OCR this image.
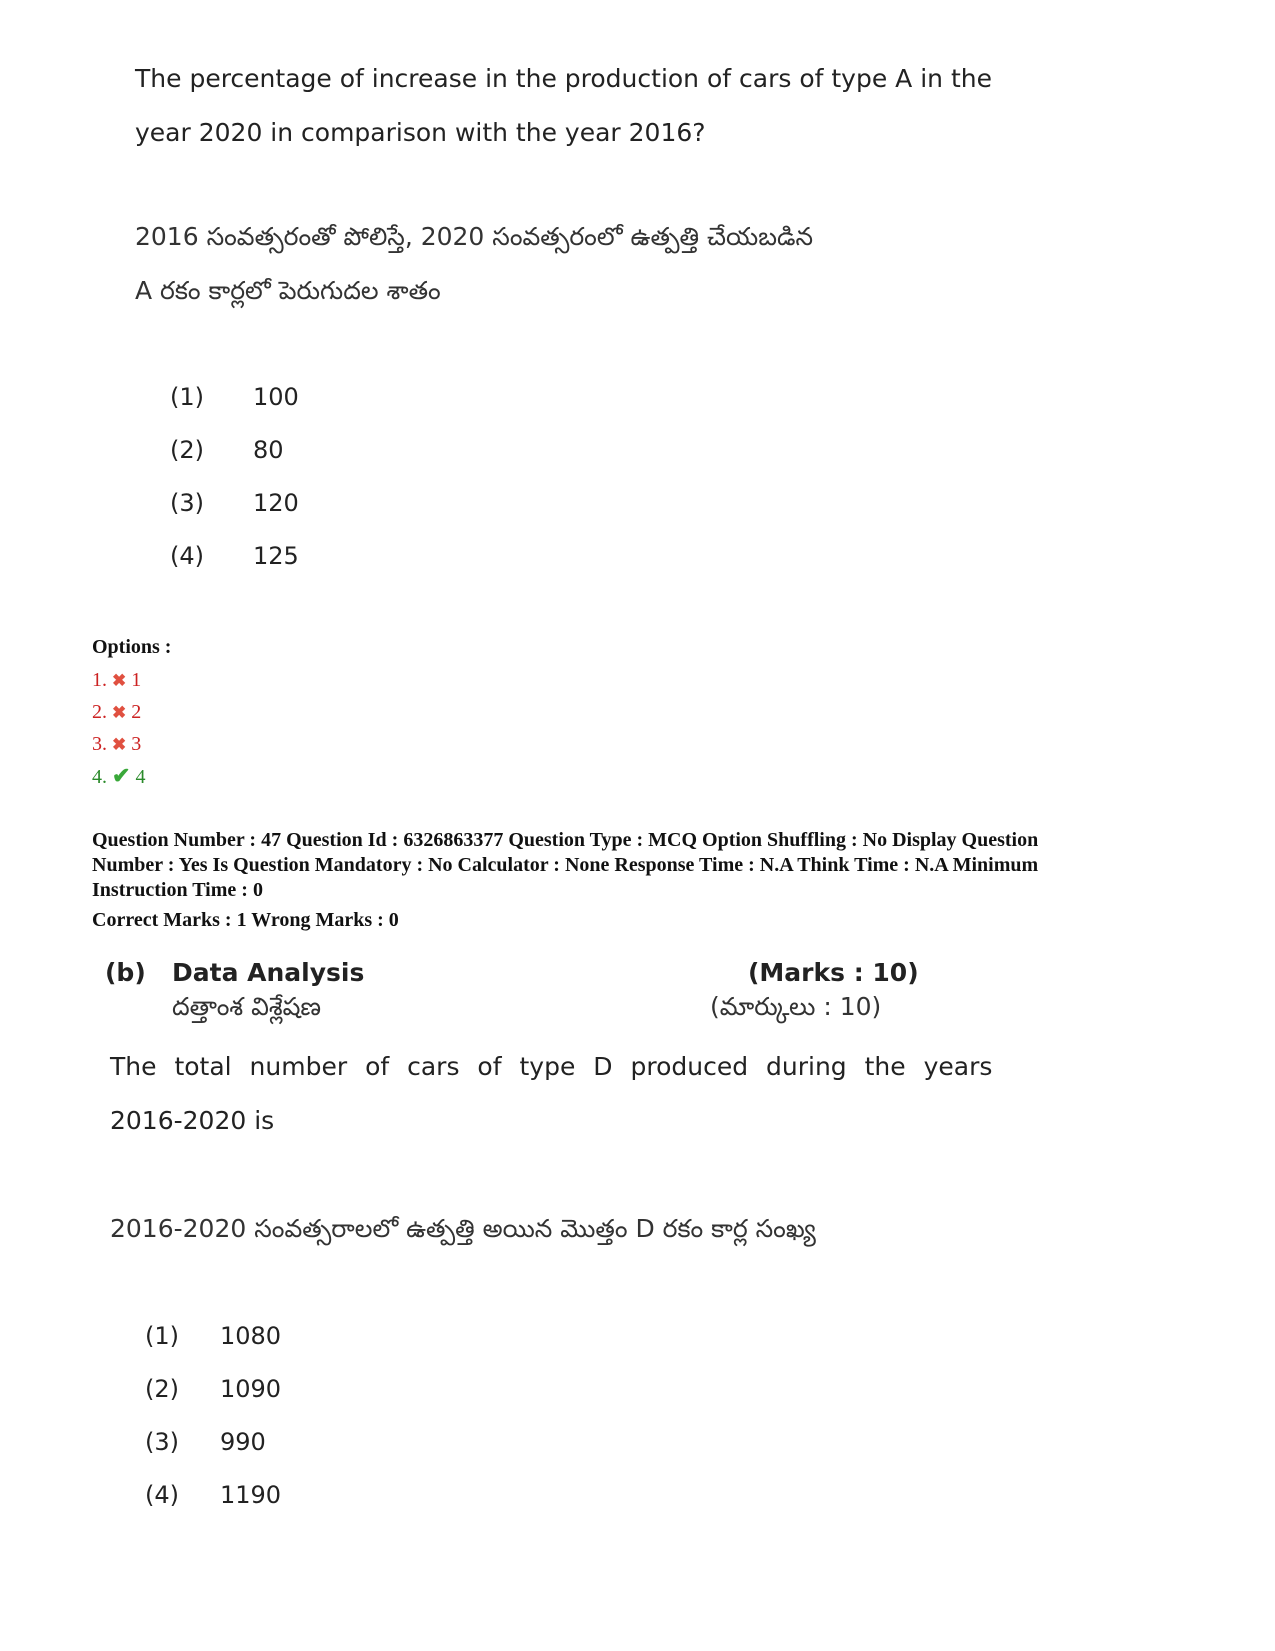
The percentage of increase in the production of cars of type A in the
year 2020 in comparison with the year 2016?
2016 సంవత్సరంతో పోలిస్తే, 2020 సంవత్సరంలో ఉత్పత్తి చేయబడిన
A రకం కార్లలో పెరుగుదల శాతం
(1) 100
(2) 80
(3) 120
(4) 125
Options :
1. ✖ 1
2. ✖ 2
3. ✖ 3
4. ✔ 4
Question Number : 47 Question Id : 6326863377 Question Type : MCQ Option Shuffling : No Display Question
Number : Yes Is Question Mandatory : No Calculator : None Response Time : N.A Think Time : N.A Minimum
Instruction Time : 0
Correct Marks : 1 Wrong Marks : 0
(b) Data Analysis	(Marks : 10)
దత్తాంశ విశ్లేషణ	(మార్కులు : 10)
The total number of cars of type D produced during the years
2016-2020 is
2016-2020 సంవత్సరాలలో ఉత్పత్తి అయిన మొత్తం D రకం కార్ల సంఖ్య
(1) 1080
(2) 1090
(3) 990
(4) 1190
